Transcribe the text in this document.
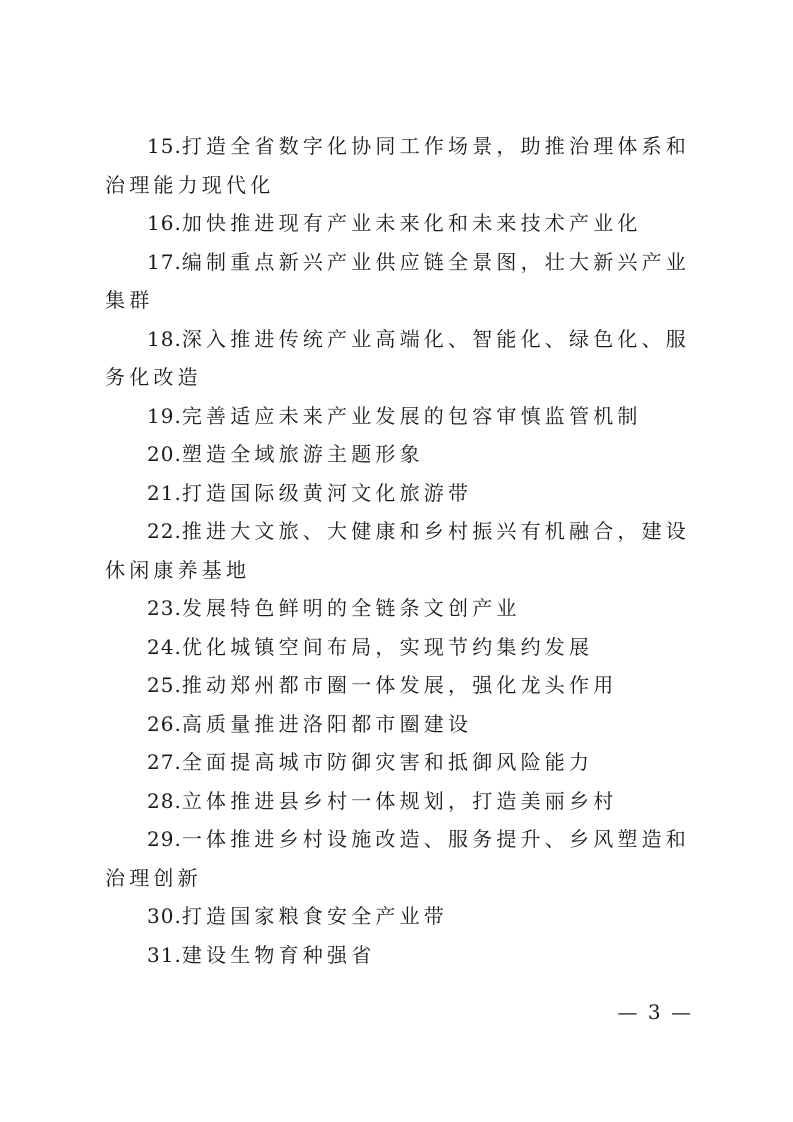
15.打造全省数字化协同工作场景，助推治理体系和治理能力现代化

16.加快推进现有产业未来化和未来技术产业化

17.编制重点新兴产业供应链全景图，壮大新兴产业集群

18.深入推进传统产业高端化、智能化、绿色化、服务化改造

19.完善适应未来产业发展的包容审慎监管机制

20.塑造全域旅游主题形象

21.打造国际级黄河文化旅游带

22.推进大文旅、大健康和乡村振兴有机融合，建设休闲康养基地

23.发展特色鲜明的全链条文创产业

24.优化城镇空间布局，实现节约集约发展

25.推动郑州都市圈一体发展，强化龙头作用

26.高质量推进洛阳都市圈建设

27.全面提高城市防御灾害和抵御风险能力

28.立体推进县乡村一体规划，打造美丽乡村

29.一体推进乡村设施改造、服务提升、乡风塑造和治理创新

30.打造国家粮食安全产业带

31.建设生物育种强省

— 3 —
